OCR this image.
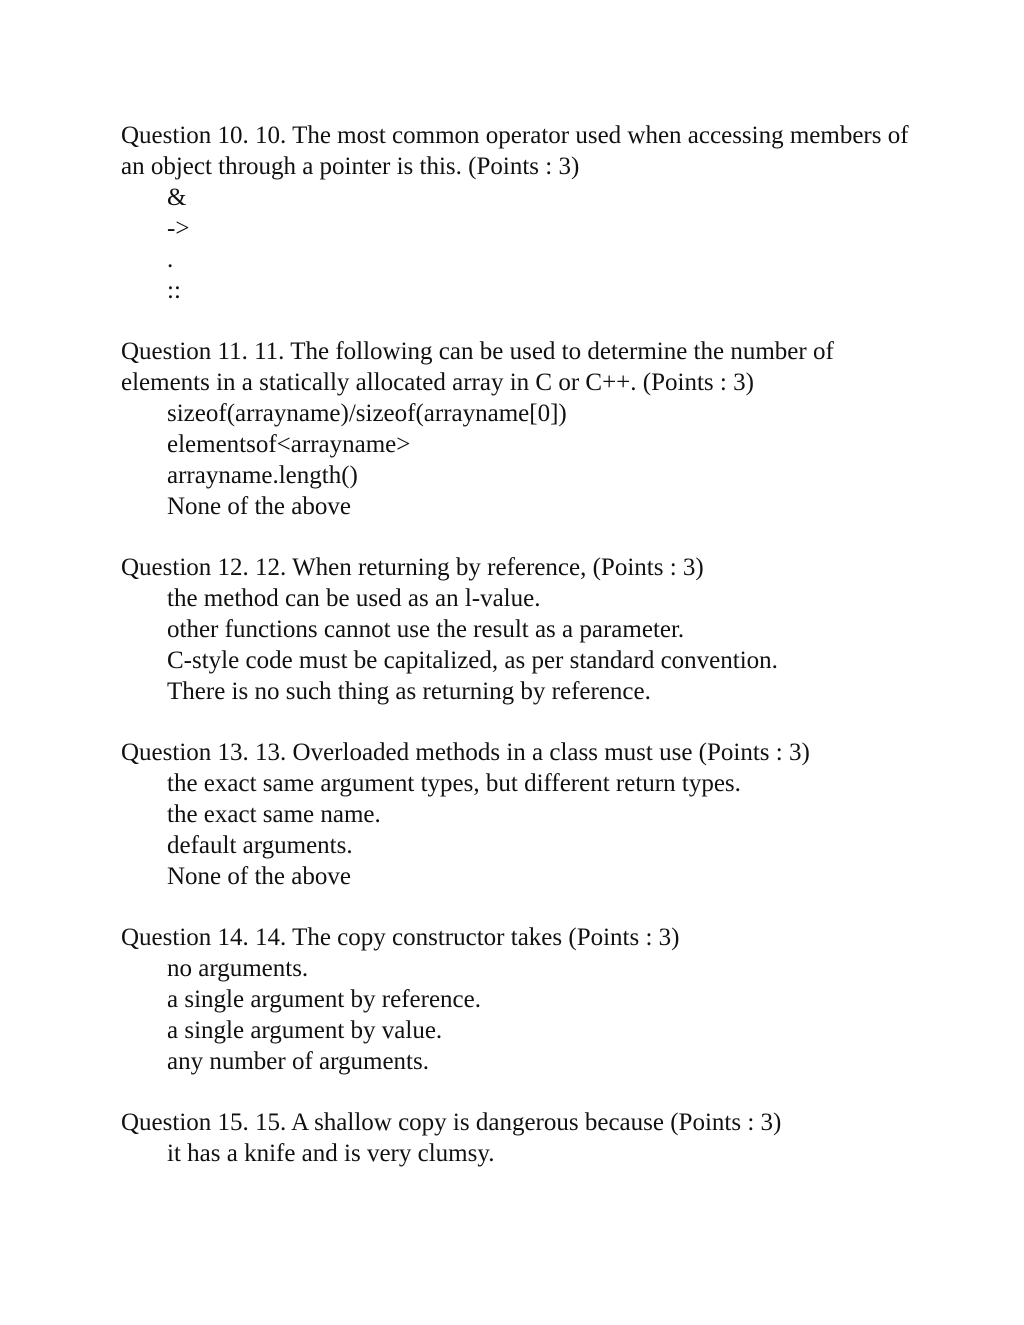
Question 10. 10. The most common operator used when accessing members of an object through a pointer is this. (Points : 3)

&
->
.
::

Question 11. 11. The following can be used to determine the number of elements in a statically allocated array in C or C++. (Points : 3)

sizeof(arrayname)/sizeof(arrayname[0])
elementsof<arrayname>
arrayname.length()
None of the above

Question 12. 12. When returning by reference, (Points : 3)

the method can be used as an l-value.
other functions cannot use the result as a parameter.
C-style code must be capitalized, as per standard convention.
There is no such thing as returning by reference.

Question 13. 13. Overloaded methods in a class must use (Points : 3)

the exact same argument types, but different return types.
the exact same name.
default arguments.
None of the above

Question 14. 14. The copy constructor takes (Points : 3)

no arguments.
a single argument by reference.
a single argument by value.
any number of arguments.

Question 15. 15. A shallow copy is dangerous because (Points : 3)

it has a knife and is very clumsy.
